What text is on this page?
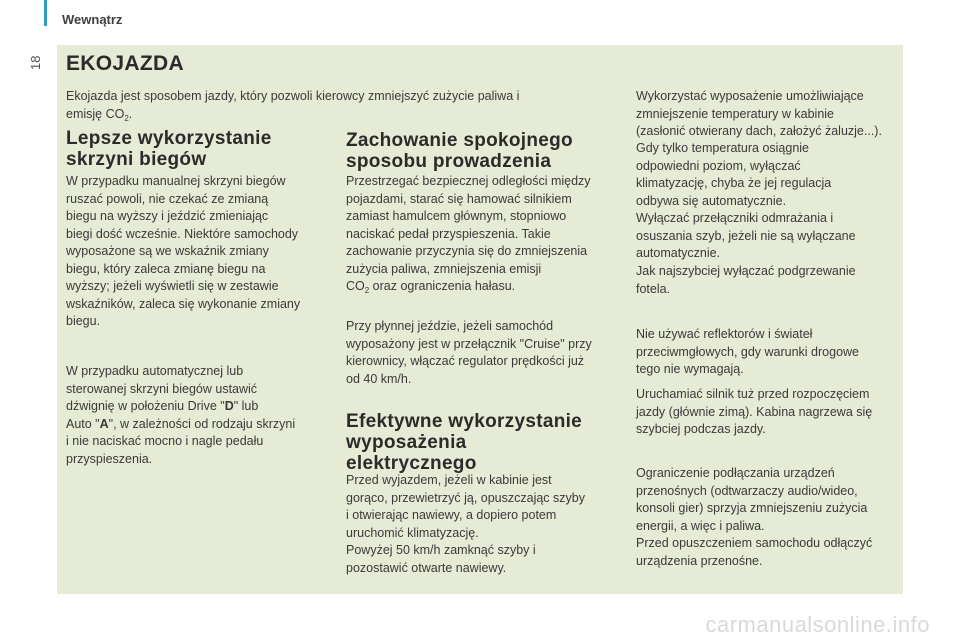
Wewnątrz
18 EKOJAZDA
Ekojazda jest sposobem jazdy, który pozwoli kierowcy zmniejszyć zużycie paliwa i
emisję $CO_2$.
Lepsze wykorzystanie
skrzyni biegów
W przypadku manualnej skrzyni biegów
ruszać powoli, nie czekać ze zmianą
biegu na wyższy i jeździć zmieniając
biegi dość wcześnie. Niektóre samochody
wyposażone są we wskaźnik zmiany
biegu, który zaleca zmianę biegu na
wyższy; jeżeli wyświetli się w zestawie
wskaźników, zaleca się wykonanie zmiany
biegu.
W przypadku automatycznej lub
sterowanej skrzyni biegów ustawić
dźwignię w położeniu Drive "D" lub
Auto "A", w zależności od rodzaju skrzyni
i nie naciskać mocno i nagle pedału
przyspieszenia.
Zachowanie spokojnego
sposobu prowadzenia
Przestrzegać bezpiecznej odległości między
pojazdami, starać się hamować silnikiem
zamiast hamulcem głównym, stopniowo
naciskać pedał przyspieszenia. Takie
zachowanie przyczynia się do zmniejszenia
zużycia paliwa, zmniejszenia emisji
$CO_2$ oraz ograniczenia hałasu.
Przy płynnej jeździe, jeżeli samochód
wyposażony jest w przełącznik "Cruise" przy
kierownicy, włączać regulator prędkości już
od 40 km/h.
Efektywne wykorzystanie
wyposażenia
elektrycznego
Przed wyjazdem, jeżeli w kabinie jest
gorąco, przewietrzyć ją, opuszczając szyby
i otwierając nawiewy, a dopiero potem
uruchomić klimatyzację.
Powyżej 50 km/h zamknąć szyby i
pozostawić otwarte nawiewy.
Wykorzystać wyposażenie umożliwiające
zmniejszenie temperatury w kabinie
(zasłonić otwierany dach, założyć żaluzje...).
Gdy tylko temperatura osiągnie
odpowiedni poziom, wyłączać
klimatyzację, chyba że jej regulacja
odbywa się automatycznie.
Wyłączać przełączniki odmrażania i
osuszania szyb, jeżeli nie są wyłączane
automatycznie.
Jak najszybciej wyłączać podgrzewanie
fotela.
Nie używać reflektorów i świateł
przeciwmgłowych, gdy warunki drogowe
tego nie wymagają.
Uruchamiać silnik tuż przed rozpoczęciem
jazdy (głównie zimą). Kabina nagrzewa się
szybciej podczas jazdy.
Ograniczenie podłączania urządzeń
przenośnych (odtwarzaczy audio/wideo,
konsoli gier) sprzyja zmniejszeniu zużycia
energii, a więc i paliwa.
Przed opuszczeniem samochodu odłączyć
urządzenia przenośne.
carmanualsonline.info
